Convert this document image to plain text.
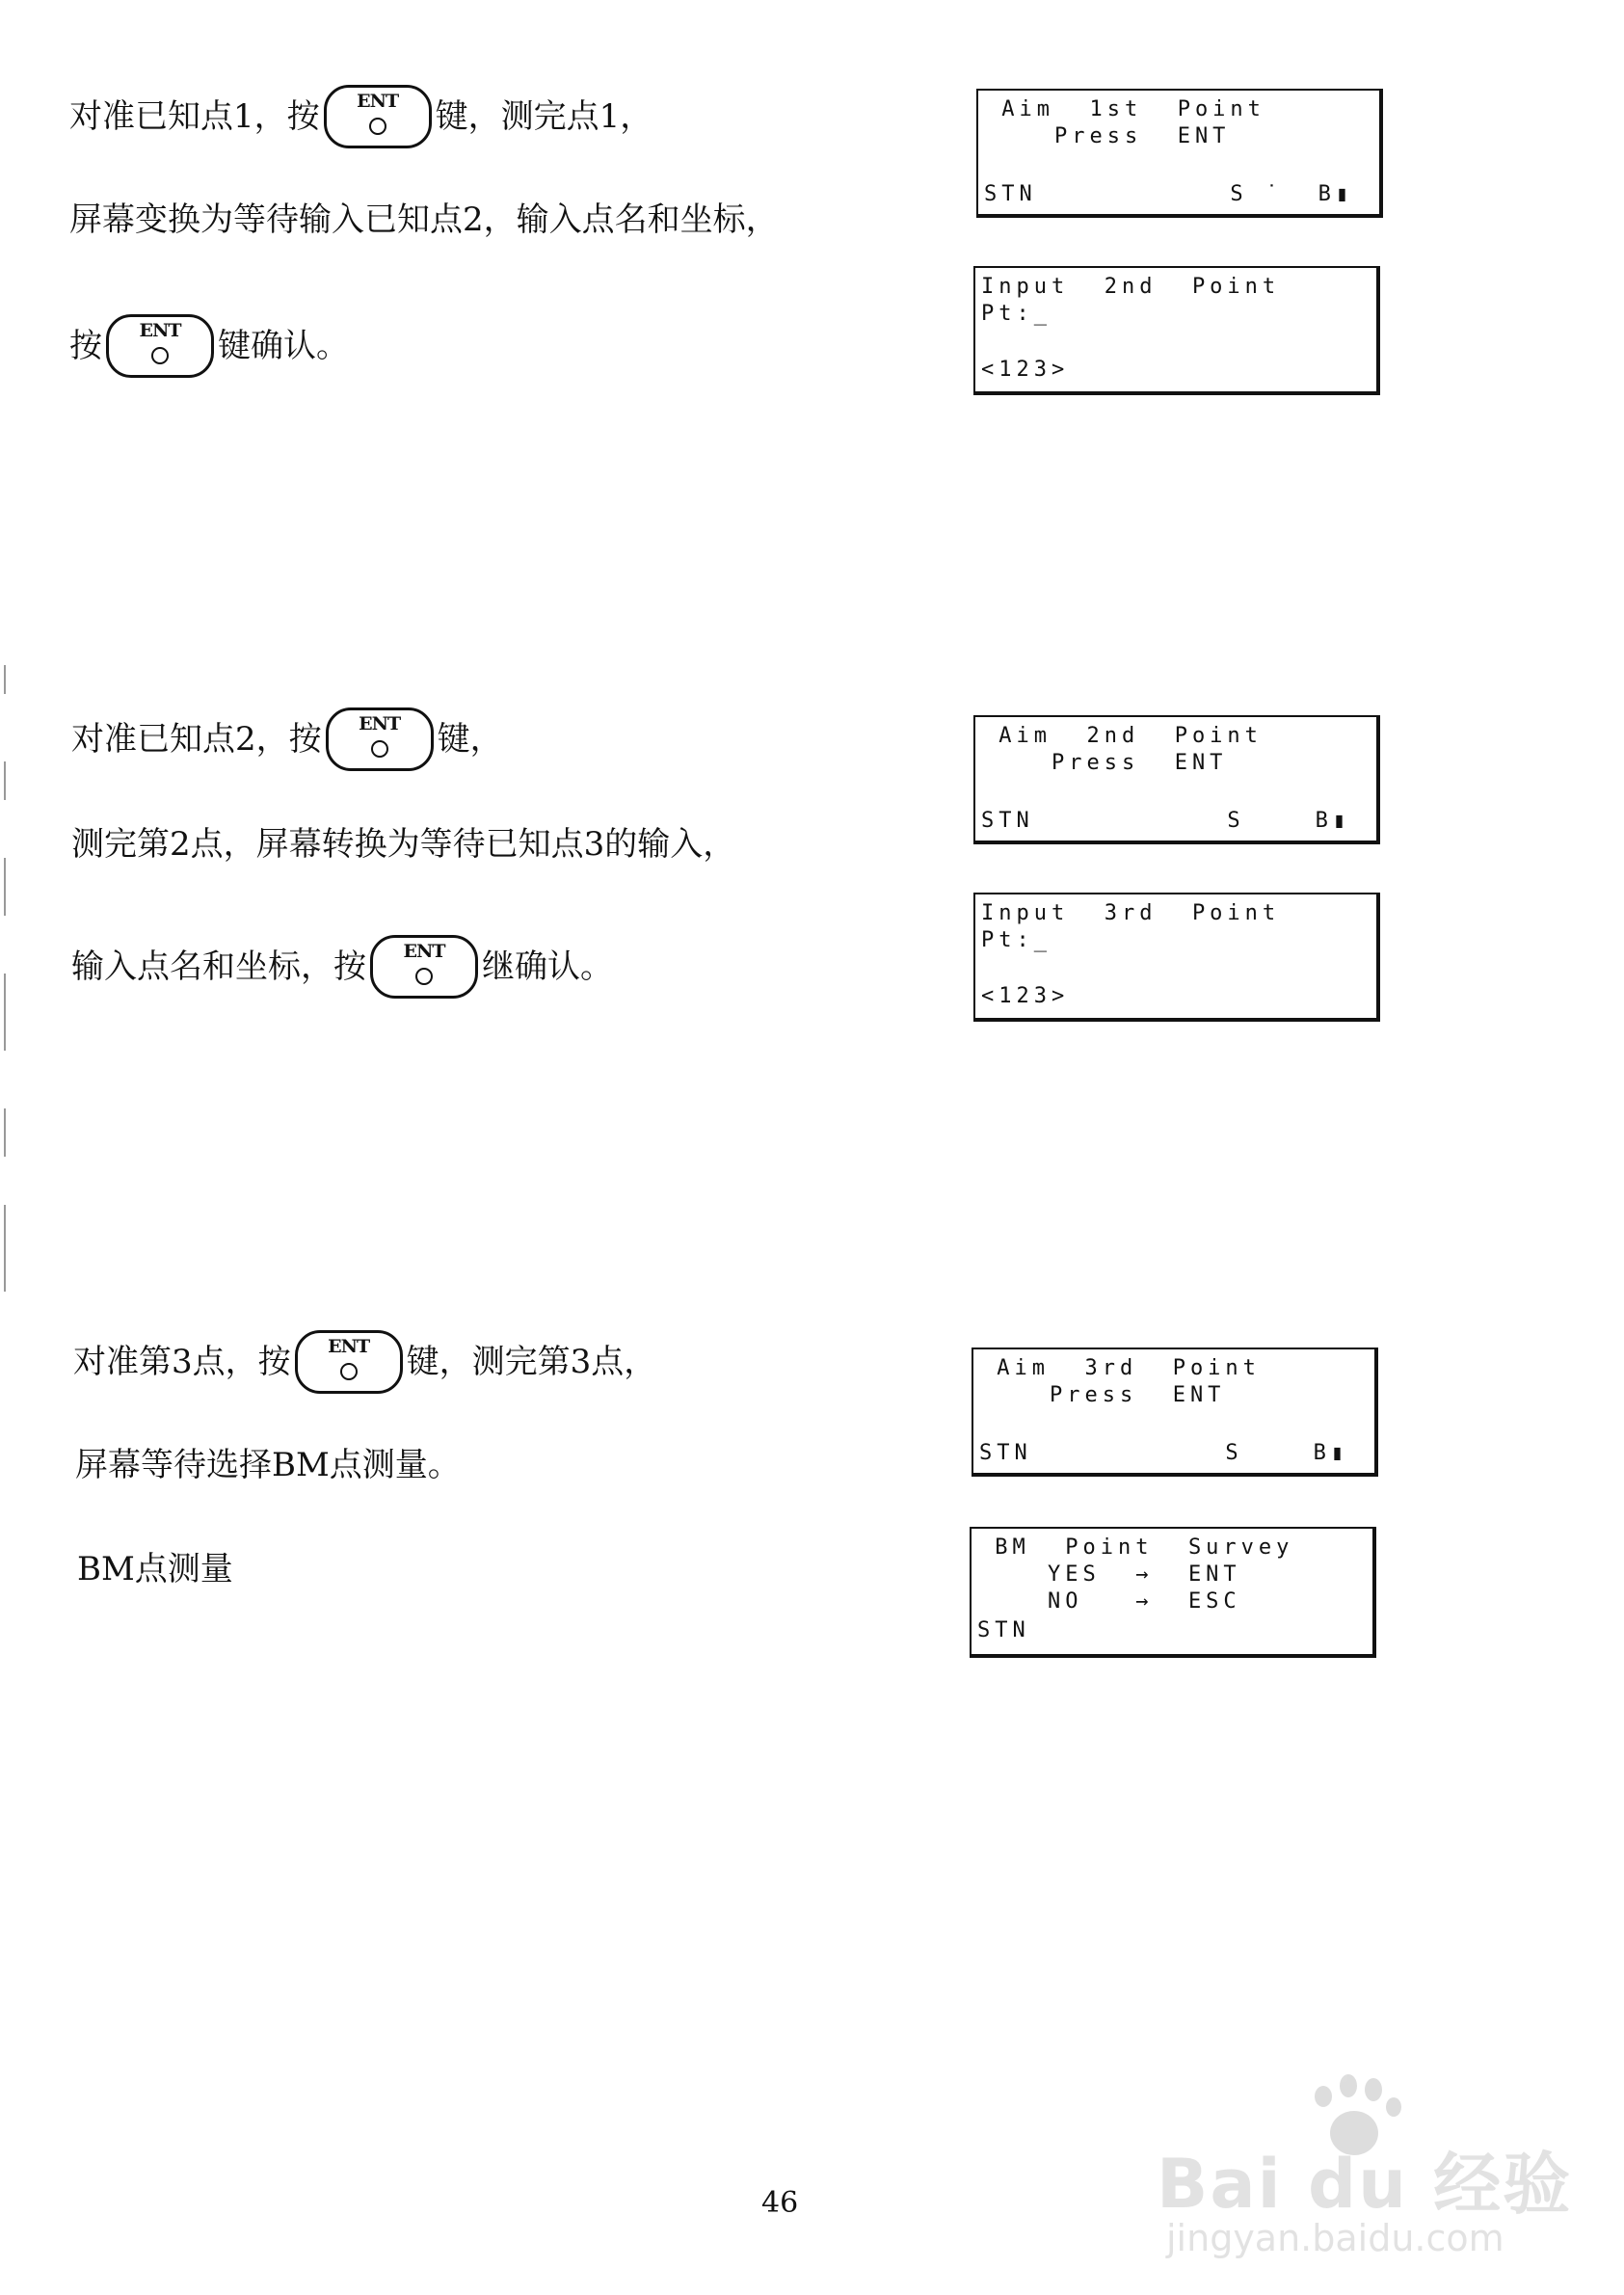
对准已知点1，按	ENT	键，测完点1，
屏幕变换为等待输入已知点2，输入点名和坐标，
按	ENT	键确认。
Aim  1st  Point
Press  ENT
STN           S ˙  B▮
Input  2nd  Point
Pt:_
<123>
对准已知点2，按	ENT	键，
测完第2点，屏幕转换为等待已知点3的输入，
输入点名和坐标，按	ENT	继确认。
Aim  2nd  Point
Press  ENT
STN           S    B▮
Input  3rd  Point
Pt:_
<123>
对准第3点，按	ENT	键，测完第3点，
屏幕等待选择BM点测量。
BM点测量
Aim  3rd  Point
Press  ENT
STN           S    B▮
BM  Point  Survey
YES  →  ENT
NO   →  ESC
STN
46	Bai du 经验
jingyan.baidu.com
